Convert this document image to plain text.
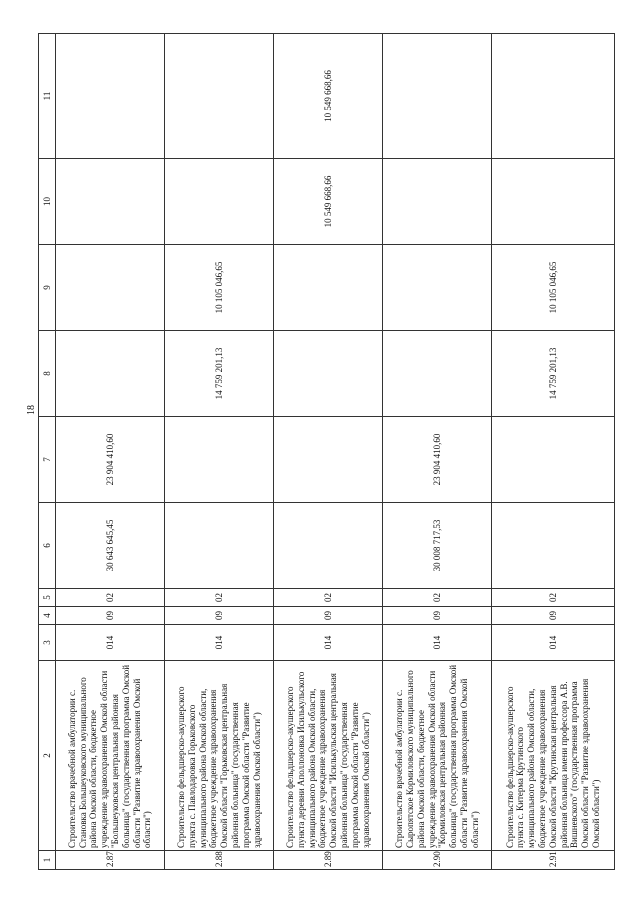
18
1	2	3	4	5	6	7	8	9	10	11
2.87	Строительство врачебной амбулатории с. Становка Большеуковского муниципального района Омской области, бюджетное учреждение здравоохранения Омской области "Большеуковская центральная районная больница" (государственная программа Омской области "Развитие здравоохранения Омской области")	014	09	02	30 643 645,45	23 904 410,60				
2.88	Строительство фельдшерско-акушерского пункта с. Павлодаровка Горьковского муниципального района Омской области, бюджетное учреждение здравоохранения Омской области "Горьковская центральная районная больница" (государственная программа Омской области "Развитие здравоохранения Омской области")	014	09	02			14 759 201,13	10 105 046,65		
2.89	Строительство фельдшерско-акушерского пункта деревни Аполлоновка Исилькульского муниципального района Омской области, бюджетное учреждение здравоохранения Омской области "Исилькульская центральная районная больница" (государственная программа Омской области "Развитие здравоохранения Омской области")	014	09	02					10 549 668,66	10 549 668,66
2.90	Строительство врачебной амбулатории с. Сыропятское Кормиловского муниципального района Омской области, бюджетное учреждение здравоохранения Омской области "Кормиловская центральная районная больница" (государственная программа Омской области "Развитие здравоохранения Омской области")	014	09	02	30 008 717,53	23 904 410,60				
2.91	Строительство фельдшерско-акушерского пункта с. Китерма Крутинского муниципального района Омской области, бюджетное учреждение здравоохранения Омской области "Крутинская центральная районная больница имени профессора А.В. Вишневского" (государственная программа Омской области "Развитие здравоохранения Омской области")	014	09	02			14 759 201,13	10 105 046,65		
